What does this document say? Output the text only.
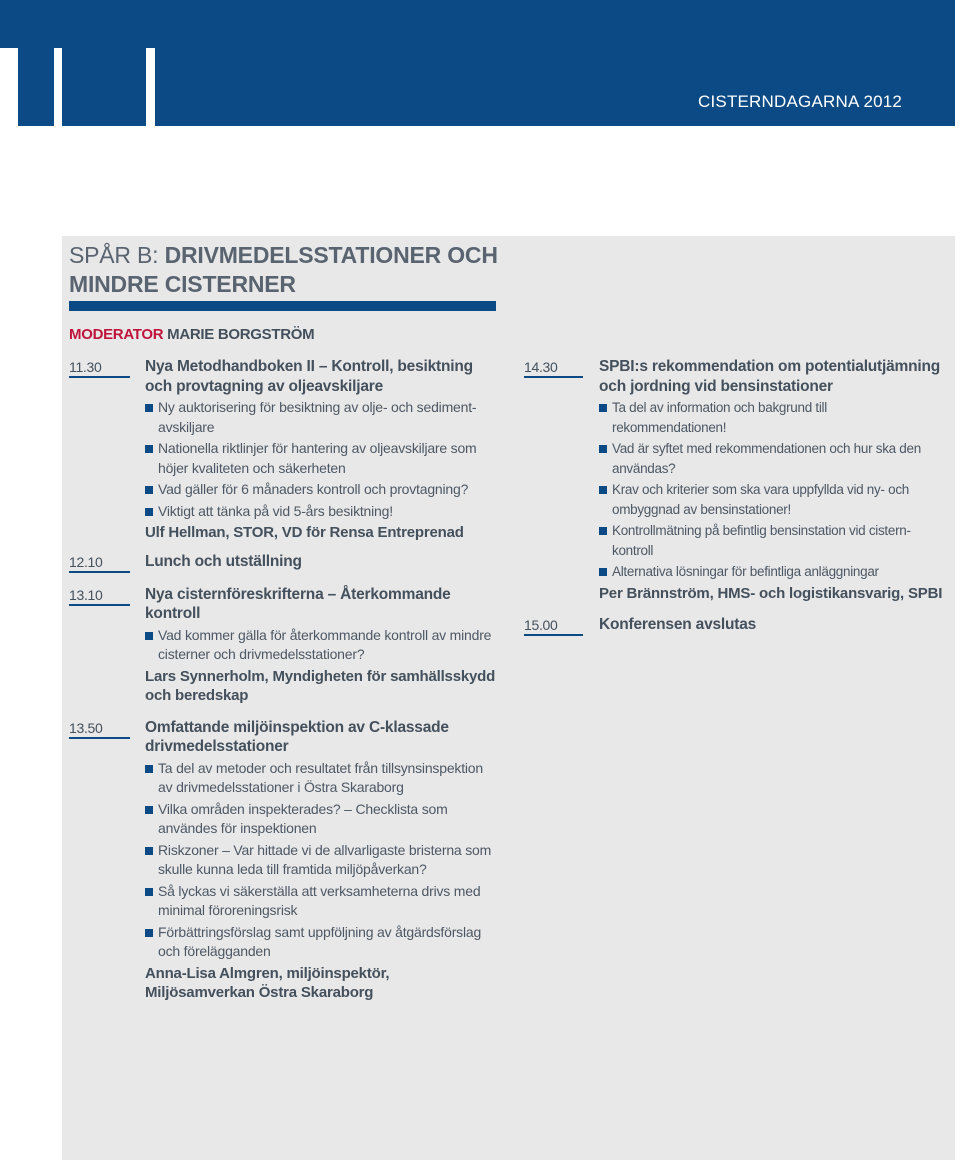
CISTERNDAGARNA 2012
SPÅR B: DRIVMEDELSSTATIONER OCH MINDRE CISTERNER
MODERATOR MARIE BORGSTRÖM
11.30	Nya Metodhandboken II – Kontroll, besiktning och provtagning av oljeavskiljare
Ny auktorisering för besiktning av olje- och sediment-avskiljare
Nationella riktlinjer för hantering av oljeavskiljare som höjer kvaliteten och säkerheten
Vad gäller för 6 månaders kontroll och provtagning?
Viktigt att tänka på vid 5-års besiktning!
Ulf Hellman, STOR, VD för Rensa Entreprenad
12.10	Lunch och utställning
13.10	Nya cisternföreskrifterna – Återkommande kontroll
Vad kommer gälla för återkommande kontroll av mindre cisterner och drivmedelsstationer?
Lars Synnerholm, Myndigheten för samhällsskydd och beredskap
13.50	Omfattande miljöinspektion av C-klassade drivmedelsstationer
Ta del av metoder och resultatet från tillsynsinspektion av drivmedelsstationer i Östra Skaraborg
Vilka områden inspekterades? – Checklista som användes för inspektionen
Riskzoner – Var hittade vi de allvarligaste bristerna som skulle kunna leda till framtida miljöpåverkan?
Så lyckas vi säkerställa att verksamheterna drivs med minimal föroreningsrisk
Förbättringsförslag samt uppföljning av åtgärdsförslag och förelägganden
Anna-Lisa Almgren, miljöinspektör, Miljösamverkan Östra Skaraborg
14.30	SPBI:s rekommendation om potentialutjämning och jordning vid bensinstationer
Ta del av information och bakgrund till rekommendationen!
Vad är syftet med rekommendationen och hur ska den användas?
Krav och kriterier som ska vara uppfyllda vid ny- och ombyggnad av bensinstationer!
Kontrollmätning på befintlig bensinstation vid cistern-kontroll
Alternativa lösningar för befintliga anläggningar
Per Brännström, HMS- och logistikansvarig, SPBI
15.00	Konferensen avslutas
